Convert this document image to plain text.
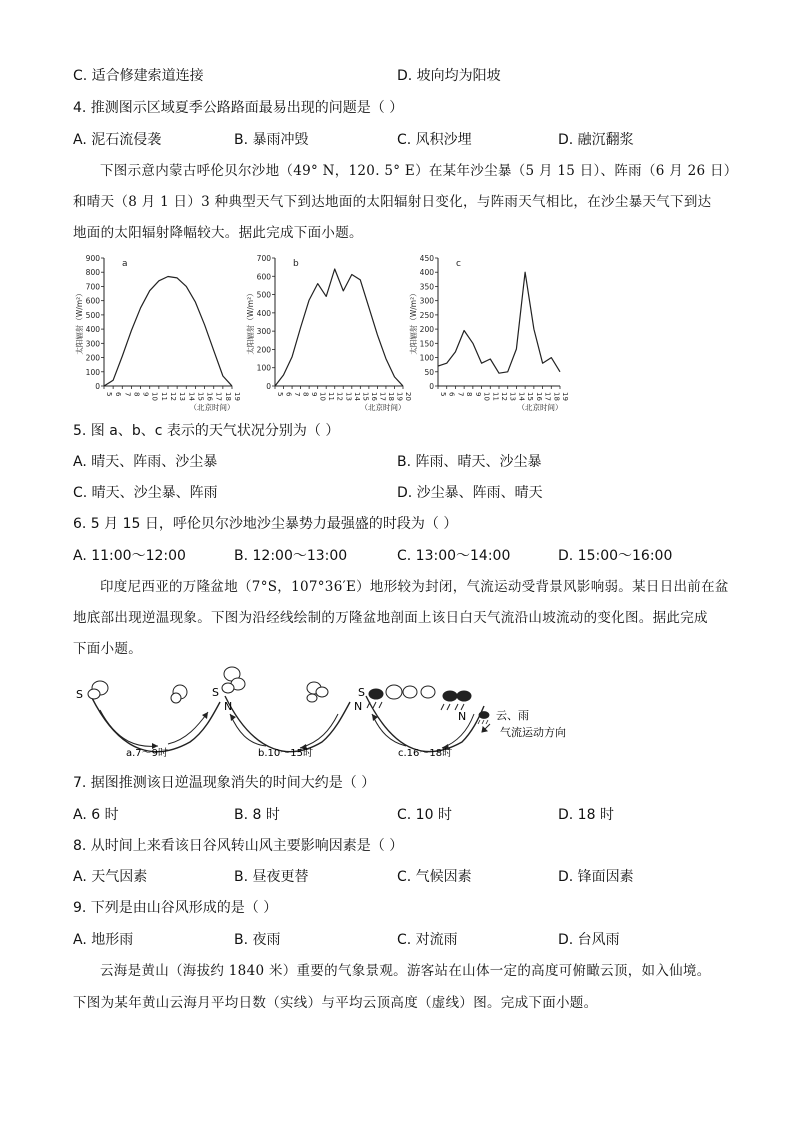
C. 适合修建索道连接	D. 坡向均为阳坡
4. 推测图示区域夏季公路路面最易出现的问题是（ ）
A. 泥石流侵袭	B. 暴雨冲毁	C. 风积沙埋	D. 融沉翻浆
下图示意内蒙古呼伦贝尔沙地（49° N，120. 5° E）在某年沙尘暴（5 月 15 日）、阵雨（6 月 26 日）
和晴天（8 月 1 日）3 种典型天气下到达地面的太阳辐射日变化，与阵雨天气相比，在沙尘暴天气下到达
地面的太阳辐射降幅较大。据此完成下面小题。
0
100
200
300
400
500
600
700
800
900
5 6 7 8 9 10 11 12 13 14 15 16 17 18 19
a
太阳辐射（W/m²）
（北京时间）
0
100
200
300
400
500
600
700
5 6 7 8 9 10 11 12 13 14 15 16 17 18 19 20
b
太阳辐射（W/m²）
（北京时间）
0
50
100
150
200
250
300
350
400
450
5 6 7 8 9 10 11 12 13 14 15 16 17 18 19
c
太阳辐射（W/m²）
（北京时间）
5. 图 a、b、c 表示的天气状况分别为（ ）
A. 晴天、阵雨、沙尘暴	B. 阵雨、晴天、沙尘暴
C. 晴天、沙尘暴、阵雨	D. 沙尘暴、阵雨、晴天
6. 5 月 15 日，呼伦贝尔沙地沙尘暴势力最强盛的时段为（ ）
A. 11:00～12:00	B. 12:00～13:00	C. 13:00～14:00	D. 15:00～16:00
印度尼西亚的万隆盆地（7°S，107°36′E）地形较为封闭，气流运动受背景风影响弱。某日日出前在盆
地底部出现逆温现象。下图为沿经线绘制的万隆盆地剖面上该日白天气流沿山坡流动的变化图。据此完成
下面小题。
S
N
S
N
S
N
a.7～9时	b.10～15时	c.16～18时
云、雨
气流运动方向
7. 据图推测该日逆温现象消失的时间大约是（ ）
A. 6 时	B. 8 时	C. 10 时	D. 18 时
8. 从时间上来看该日谷风转山风主要影响因素是（ ）
A. 天气因素	B. 昼夜更替	C. 气候因素	D. 锋面因素
9. 下列是由山谷风形成的是（ ）
A. 地形雨	B. 夜雨	C. 对流雨	D. 台风雨
云海是黄山（海拔约 1840 米）重要的气象景观。游客站在山体一定的高度可俯瞰云顶，如入仙境。
下图为某年黄山云海月平均日数（实线）与平均云顶高度（虚线）图。完成下面小题。
